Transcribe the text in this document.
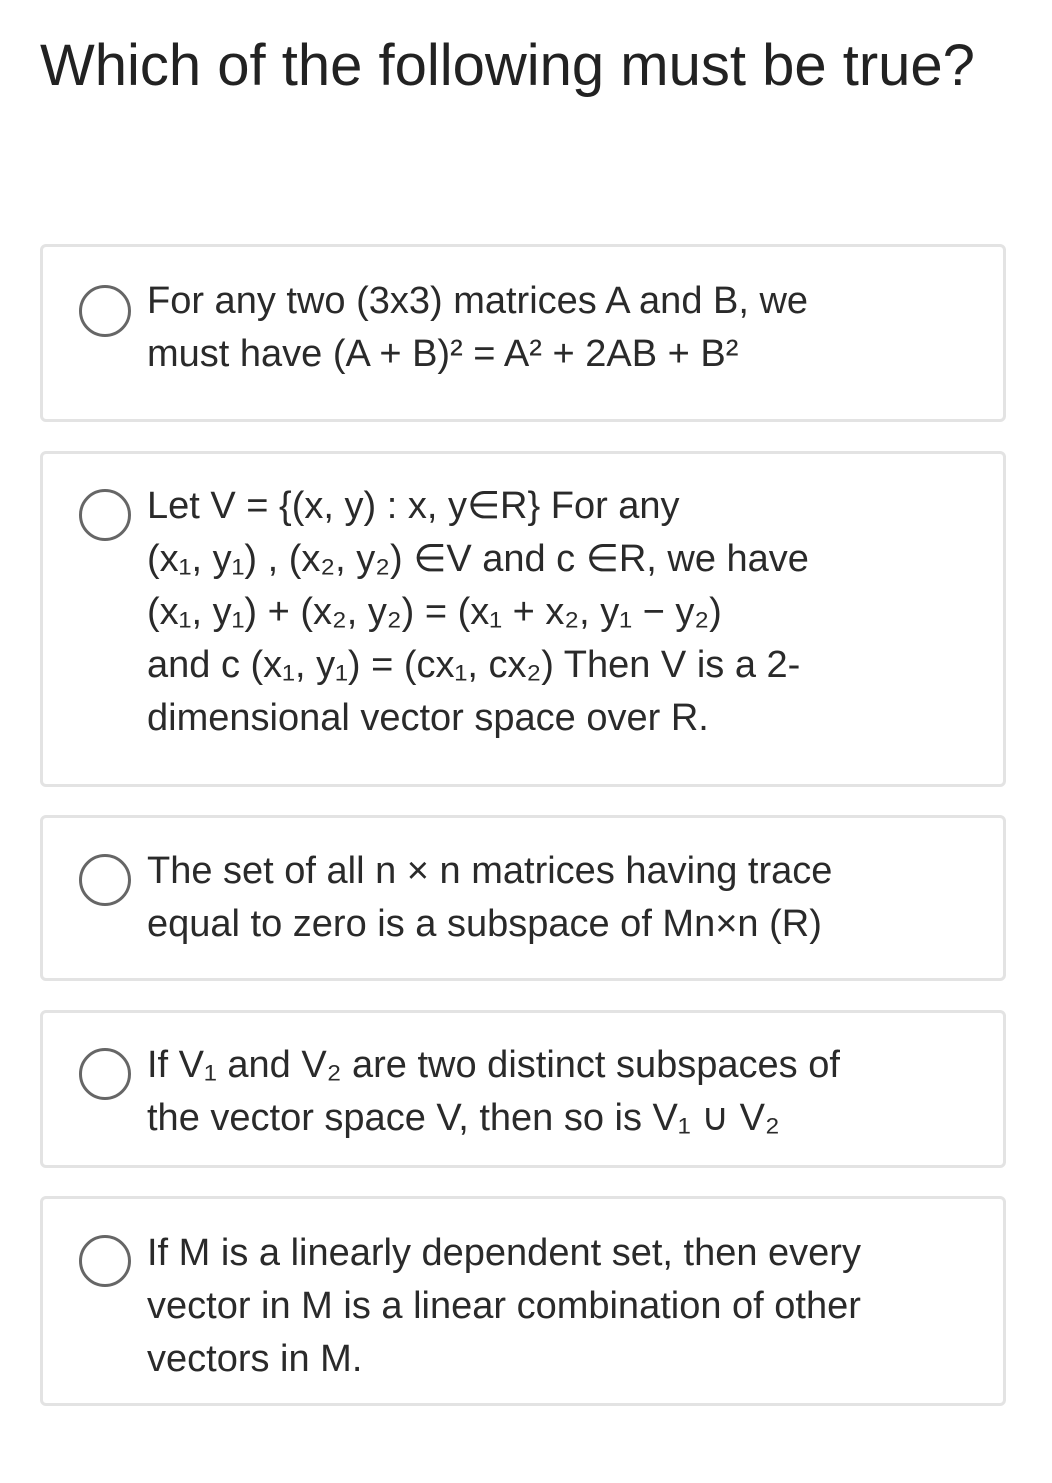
Which of the following must be true?
For any two (3x3) matrices A and B, we
must have (A + B)² = A² + 2AB + B²
Let V = {(x, y) : x, y∈R} For any
(x₁, y₁) , (x₂, y₂) ∈V and c ∈R, we have
(x₁, y₁) + (x₂, y₂) = (x₁ + x₂, y₁ − y₂)
and c (x₁, y₁) = (cx₁, cx₂) Then V is a 2-
dimensional vector space over R.
The set of all n × n matrices having trace
equal to zero is a subspace of Mn×n (R)
If V₁ and V₂ are two distinct subspaces of
the vector space V, then so is V₁ ∪ V₂
If M is a linearly dependent set, then every
vector in M is a linear combination of other
vectors in M.
